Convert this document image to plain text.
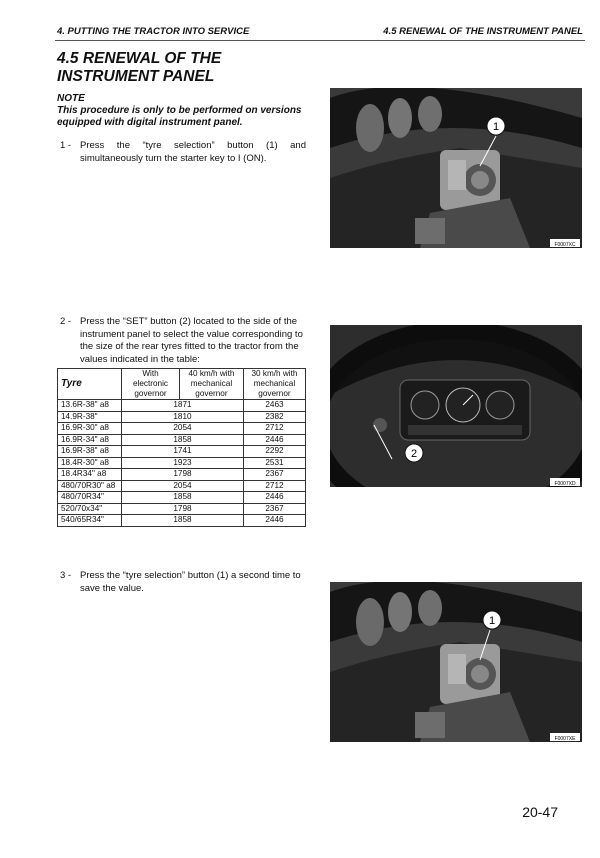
4. PUTTING THE TRACTOR INTO SERVICE	4.5 RENEWAL OF THE INSTRUMENT PANEL
4.5 RENEWAL OF THE INSTRUMENT PANEL
NOTE
This procedure is only to be performed on versions equipped with digital instrument panel.
1 - Press the “tyre selection” button (1) and simultaneously turn the starter key to I (ON).
2 - Press the “SET” button (2) located to the side of the instrument panel to select the value corresponding to the size of the rear tyres fitted to the tractor from the values indicated in the table:
Tyre	With electronic governor	40 km/h with mechanical governor	30 km/h with mechanical governor
13.6R-38" a8	1871		2463
14.9R-38"	1810		2382
16.9R-30" a8	2054		2712
16.9R-34" a8	1858		2446
16.9R-38" a8	1741		2292
18.4R-30" a8	1923		2531
18.4R34" a8	1798		2367
480/70R30" a8	2054		2712
480/70R34"	1858		2446
520/70x34"	1798		2367
540/65R34"	1858		2446
3 - Press the “tyre selection” button (1) a second time to save the value.
1
F0007XC
2
F0007XD
1
F0007XE
20-47
